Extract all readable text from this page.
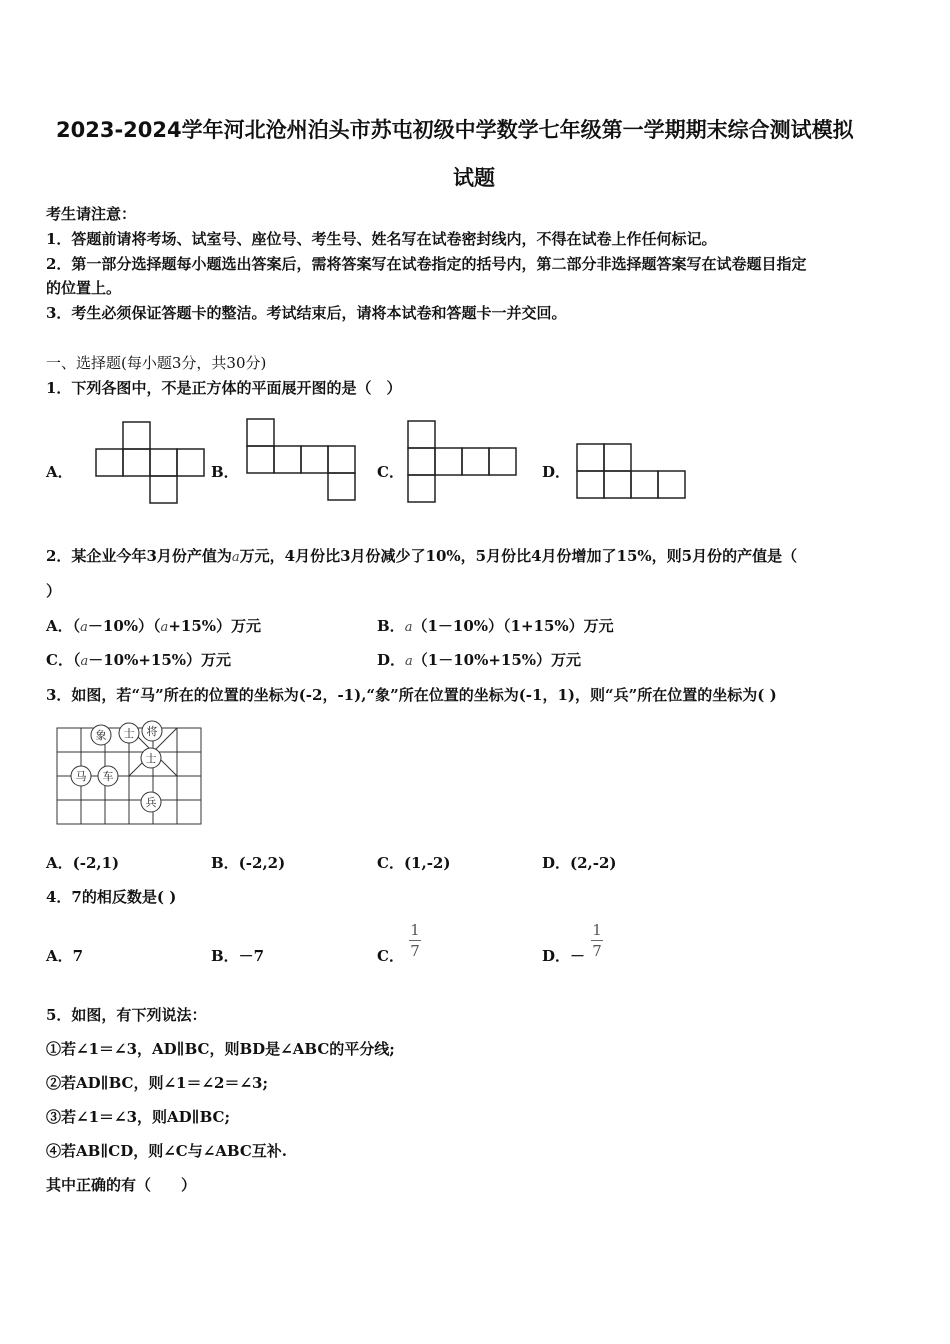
2023-2024学年河北沧州泊头市苏屯初级中学数学七年级第一学期期末综合测试模拟
试题
考生请注意：
1．答题前请将考场、试室号、座位号、考生号、姓名写在试卷密封线内，不得在试卷上作任何标记。
2．第一部分选择题每小题选出答案后，需将答案写在试卷指定的括号内，第二部分非选择题答案写在试卷题目指定
的位置上。
3．考生必须保证答题卡的整洁。考试结束后，请将本试卷和答题卡一并交回。
一、选择题(每小题3分，共30分)
1．下列各图中，不是正方体的平面展开图的是（　）
A．	B．	C．	D．
2．某企业今年3月份产值为a万元，4月份比3月份减少了10%，5月份比4月份增加了15%，则5月份的产值是（
）
A．（a－10%）（a+15%）万元	B．a（1－10%）（1+15%）万元
C．（a－10%+15%）万元	D．a（1－10%+15%）万元
3．如图，若“马”所在的位置的坐标为(-2，-1),“象”所在位置的坐标为(-1，1)，则“兵”所在位置的坐标为( )
象 士 将
士
马 车
兵
A．(-2,1)	B．(-2,2)	C．(1,-2)	D．(2,-2)
4．7的相反数是( )
A．7	B．－7	C．
1
7	D．－
1
7
5．如图，有下列说法：
①若∠1＝∠3，AD∥BC，则BD是∠ABC的平分线;
②若AD∥BC，则∠1＝∠2＝∠3;
③若∠1＝∠3，则AD∥BC;
④若AB∥CD，则∠C与∠ABC互补.
其中正确的有（　　）
